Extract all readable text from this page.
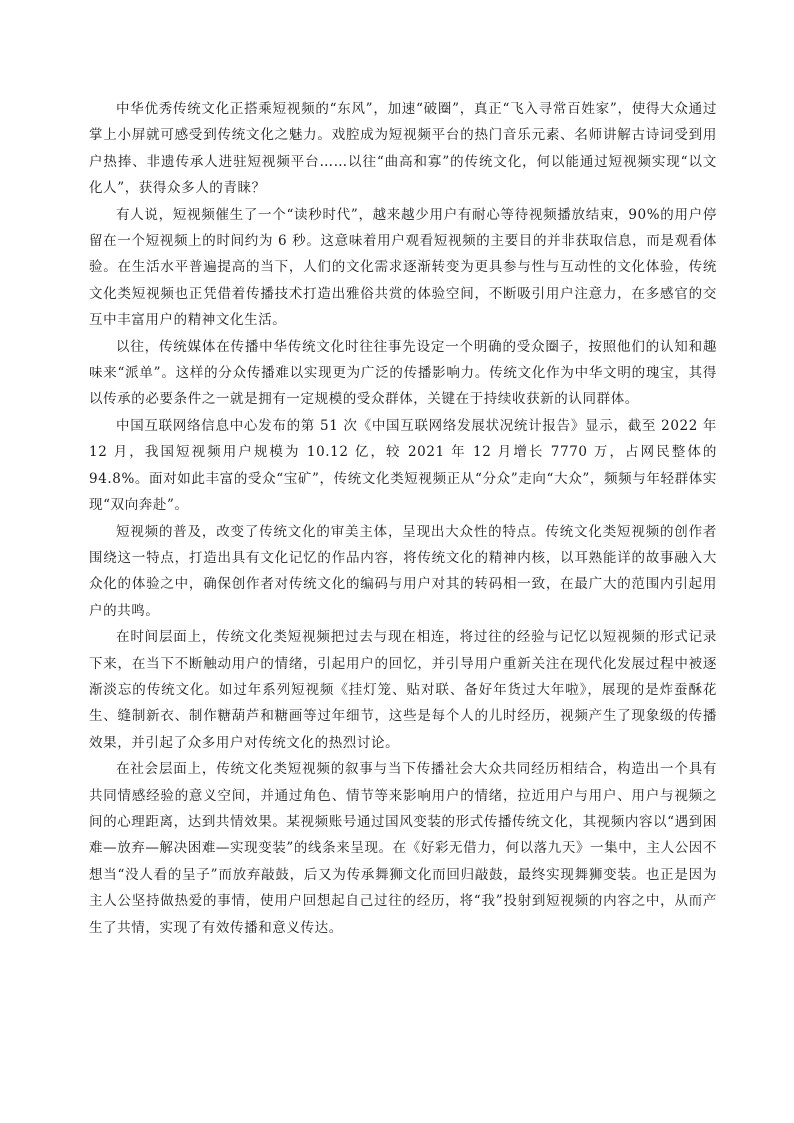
中华优秀传统文化正搭乘短视频的“东风”，加速“破圈”，真正“飞入寻常百姓家”，使得大众通过掌上小屏就可感受到传统文化之魅力。戏腔成为短视频平台的热门音乐元素、名师讲解古诗词受到用户热捧、非遗传承人进驻短视频平台……以往“曲高和寡”的传统文化，何以能通过短视频实现“以文化人”，获得众多人的青睐？

有人说，短视频催生了一个“读秒时代”，越来越少用户有耐心等待视频播放结束，90%的用户停留在一个短视频上的时间约为 6 秒。这意味着用户观看短视频的主要目的并非获取信息，而是观看体验。在生活水平普遍提高的当下，人们的文化需求逐渐转变为更具参与性与互动性的文化体验，传统文化类短视频也正凭借着传播技术打造出雅俗共赏的体验空间，不断吸引用户注意力，在多感官的交互中丰富用户的精神文化生活。

以往，传统媒体在传播中华传统文化时往往事先设定一个明确的受众圈子，按照他们的认知和趣味来“派单”。这样的分众传播难以实现更为广泛的传播影响力。传统文化作为中华文明的瑰宝，其得以传承的必要条件之一就是拥有一定规模的受众群体，关键在于持续收获新的认同群体。

中国互联网络信息中心发布的第 51 次《中国互联网络发展状况统计报告》显示，截至 2022 年 12 月，我国短视频用户规模为 10.12 亿，较 2021 年 12 月增长 7770 万，占网民整体的 94.8%。面对如此丰富的受众“宝矿”，传统文化类短视频正从“分众”走向“大众”，频频与年轻群体实现“双向奔赴”。

短视频的普及，改变了传统文化的审美主体，呈现出大众性的特点。传统文化类短视频的创作者围绕这一特点，打造出具有文化记忆的作品内容，将传统文化的精神内核，以耳熟能详的故事融入大众化的体验之中，确保创作者对传统文化的编码与用户对其的转码相一致，在最广大的范围内引起用户的共鸣。

在时间层面上，传统文化类短视频把过去与现在相连，将过往的经验与记忆以短视频的形式记录下来，在当下不断触动用户的情绪，引起用户的回忆，并引导用户重新关注在现代化发展过程中被逐渐淡忘的传统文化。如过年系列短视频《挂灯笼、贴对联、备好年货过大年啦》，展现的是炸蚕酥花生、缝制新衣、制作糖葫芦和糖画等过年细节，这些是每个人的儿时经历，视频产生了现象级的传播效果，并引起了众多用户对传统文化的热烈讨论。

在社会层面上，传统文化类短视频的叙事与当下传播社会大众共同经历相结合，构造出一个具有共同情感经验的意义空间，并通过角色、情节等来影响用户的情绪，拉近用户与用户、用户与视频之间的心理距离，达到共情效果。某视频账号通过国风变装的形式传播传统文化，其视频内容以“遇到困难—放弃—解决困难—实现变装”的线条来呈现。在《好彩无借力，何以落九天》一集中，主人公因不想当“没人看的呈子”而放弃敲鼓，后又为传承舞狮文化而回归敲鼓，最终实现舞狮变装。也正是因为主人公坚持做热爱的事情，使用户回想起自己过往的经历，将“我”投射到短视频的内容之中，从而产生了共情，实现了有效传播和意义传达。
